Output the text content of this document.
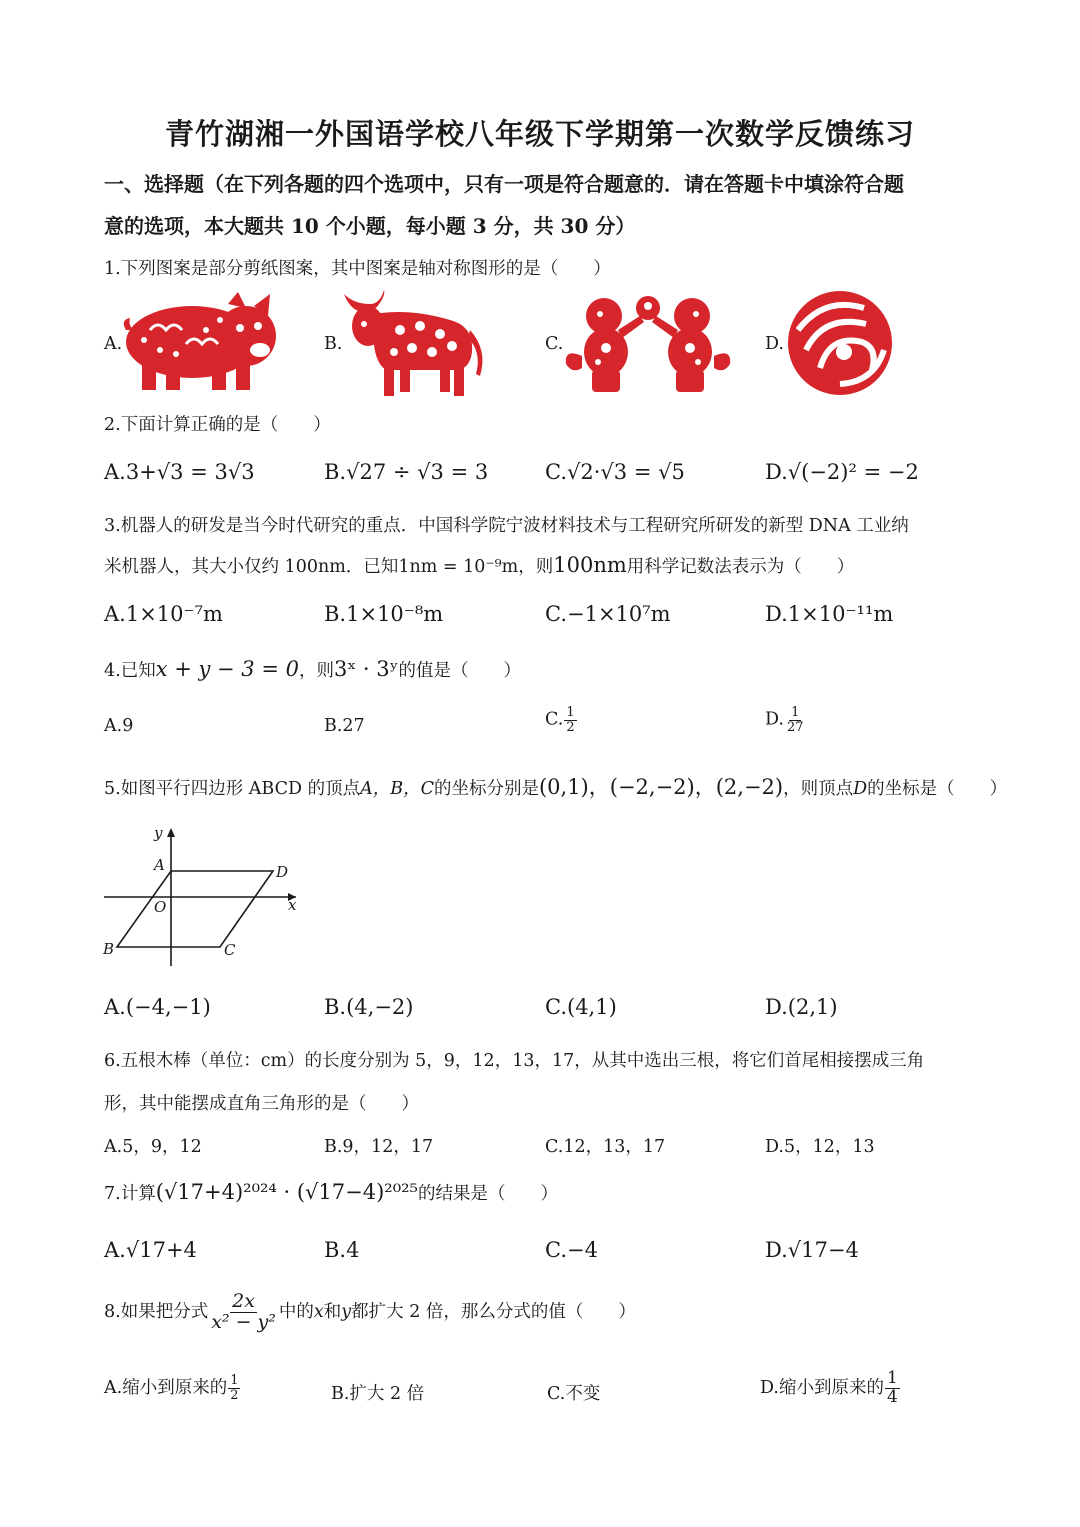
青竹湖湘一外国语学校八年级下学期第一次数学反馈练习
一、选择题（在下列各题的四个选项中，只有一项是符合题意的．请在答题卡中填涂符合题
意的选项，本大题共 10 个小题，每小题 3 分，共 30 分）
1.下列图案是部分剪纸图案，其中图案是轴对称图形的是（　　）
A.	B.	C.	D.
2.下面计算正确的是（　　）
A.3+√3 = 3√3	B.√27 ÷ √3 = 3	C.√2·√3 = √5	D.√(−2)² = −2
3.机器人的研发是当今时代研究的重点．中国科学院宁波材料技术与工程研究所研发的新型 DNA 工业纳
米机器人，其大小仅约 100nm．已知1nm = 10⁻⁹m，则100nm用科学记数法表示为（　　）
A.1×10⁻⁷m	B.1×10⁻⁸m	C.−1×10⁷m	D.1×10⁻¹¹m
4.已知x + y − 3 = 0，则3ˣ · 3ʸ的值是（　　）
A.9	B.27	C. $\frac{1}{2}$	D. $\frac{1}{27}$
5.如图平行四边形 ABCD 的顶点A，B，C的坐标分别是(0,1)，(−2,−2)，(2,−2)，则顶点D的坐标是（　　）
y
x
A	D
O
B	C
A.(−4,−1)	B.(4,−2)	C.(4,1)	D.(2,1)
6.五根木棒（单位：cm）的长度分别为 5，9，12，13，17，从其中选出三根，将它们首尾相接摆成三角
形，其中能摆成直角三角形的是（　　）
A.5，9，12	B.9，12，17	C.12，13，17	D.5，12，13
7.计算(√17+4)²⁰²⁴ · (√17−4)²⁰²⁵的结果是（　　）
A.√17+4	B.4	C.−4	D.√17−4
8.如果把分式 $\frac{2x}{\text{x² − y²}}$ 中的x和y都扩大 2 倍，那么分式的值（　　）
A.缩小到原来的 $\frac{1}{2}$	B.扩大 2 倍	C.不变	D.缩小到原来的 $\frac{1}{4}$
